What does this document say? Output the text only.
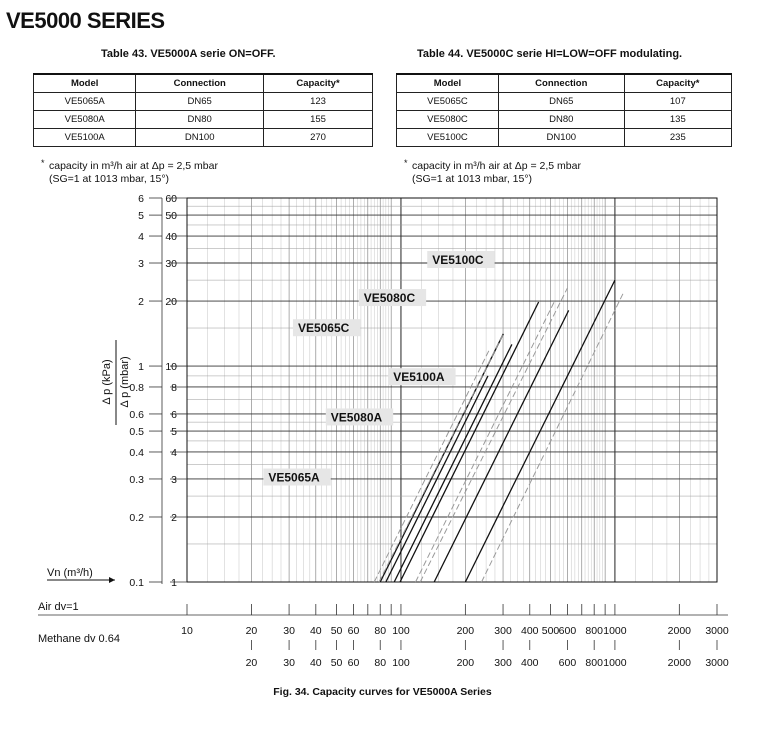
VE5000 SERIES
Table 43. VE5000A serie ON=OFF.	Table 44. VE5000C serie HI=LOW=OFF modulating.
Model	Connection	Capacity*
VE5065A	DN65	123
VE5080A	DN80	155
VE5100A	DN100	270
Model	Connection	Capacity*
VE5065C	DN65	107
VE5080C	DN80	135
VE5100C	DN100	235
* capacity in m³/h air at Δp = 2,5 mbar
(SG=1 at 1013 mbar, 15°)
* capacity in m³/h air at Δp = 2,5 mbar
(SG=1 at 1013 mbar, 15°)
0.1	1
0.2	2
0.3	3
0.4	4
0.5	5
0.6	6
0.8	8
1 10
2 20
3 30
4 40
5 50
6 60
Δ p (kPa) Δ p (mbar)
Vn (m³/h)
VE5065A
VE5080A
VE5100A
VE5065C
VE5080C
VE5100C
Air dv=1
10	20 30 40 50 60 80 100	200 300 400 500 600 800 1000	2000 3000
Methane dv 0.64
20 30 40 50 60 80 100	200 300 400 600 800 1000	2000 3000
Fig. 34. Capacity curves for VE5000A Series
